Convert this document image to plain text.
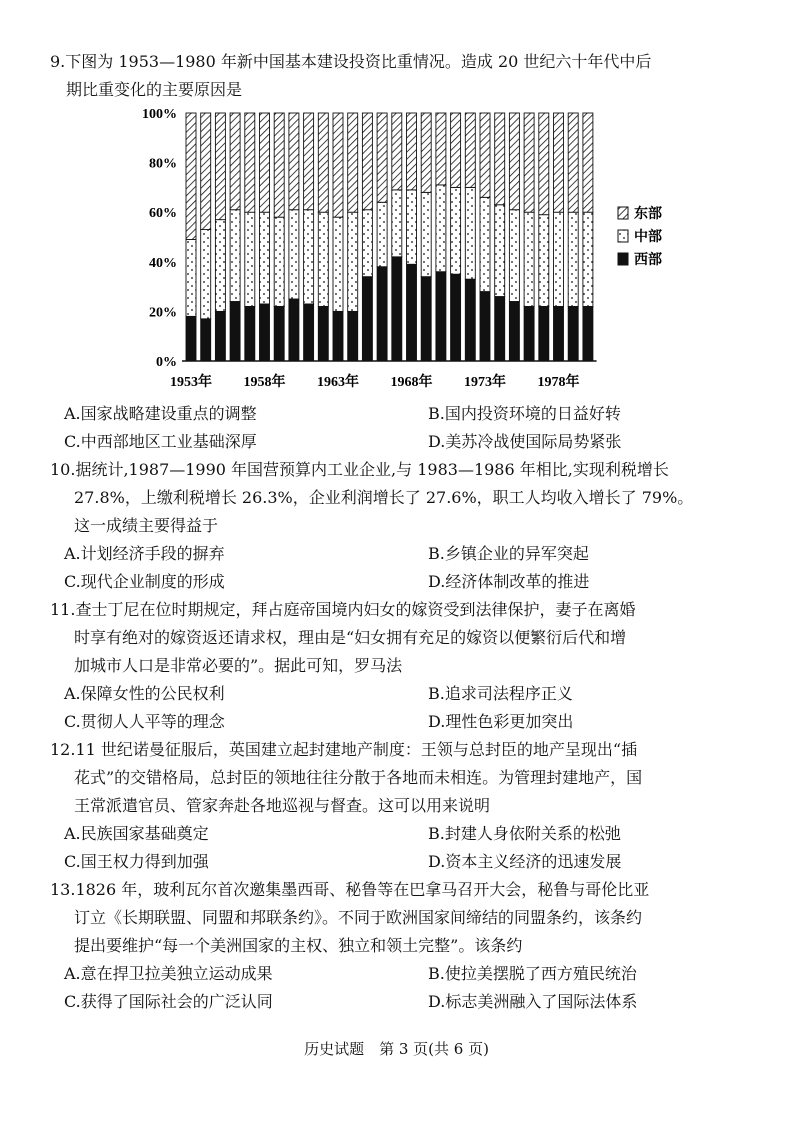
9.下图为 1953—1980 年新中国基本建设投资比重情况。造成 20 世纪六十年代中后
期比重变化的主要原因是
0%
20%
40%
60%
80%
100%
1953年 1958年 1963年 1968年 1973年 1978年
东部
中部
西部
A.国家战略建设重点的调整	B.国内投资环境的日益好转
C.中西部地区工业基础深厚	D.美苏冷战使国际局势紧张
10.据统计,1987—1990 年国营预算内工业企业,与 1983—1986 年相比,实现利税增长
27.8%，上缴利税增长 26.3%，企业利润增长了 27.6%，职工人均收入增长了 79%。
这一成绩主要得益于
A.计划经济手段的摒弃	B.乡镇企业的异军突起
C.现代企业制度的形成	D.经济体制改革的推进
11.查士丁尼在位时期规定，拜占庭帝国境内妇女的嫁资受到法律保护，妻子在离婚
时享有绝对的嫁资返还请求权，理由是“妇女拥有充足的嫁资以便繁衍后代和增
加城市人口是非常必要的”。据此可知，罗马法
A.保障女性的公民权利	B.追求司法程序正义
C.贯彻人人平等的理念	D.理性色彩更加突出
12.11 世纪诺曼征服后，英国建立起封建地产制度：王领与总封臣的地产呈现出“插
花式”的交错格局，总封臣的领地往往分散于各地而未相连。为管理封建地产，国
王常派遣官员、管家奔赴各地巡视与督查。这可以用来说明
A.民族国家基础奠定	B.封建人身依附关系的松弛
C.国王权力得到加强	D.资本主义经济的迅速发展
13.1826 年，玻利瓦尔首次邀集墨西哥、秘鲁等在巴拿马召开大会，秘鲁与哥伦比亚
订立《长期联盟、同盟和邦联条约》。不同于欧洲国家间缔结的同盟条约，该条约
提出要维护“每一个美洲国家的主权、独立和领土完整”。该条约
A.意在捍卫拉美独立运动成果	B.使拉美摆脱了西方殖民统治
C.获得了国际社会的广泛认同	D.标志美洲融入了国际法体系
历史试题　第 3 页(共 6 页)
